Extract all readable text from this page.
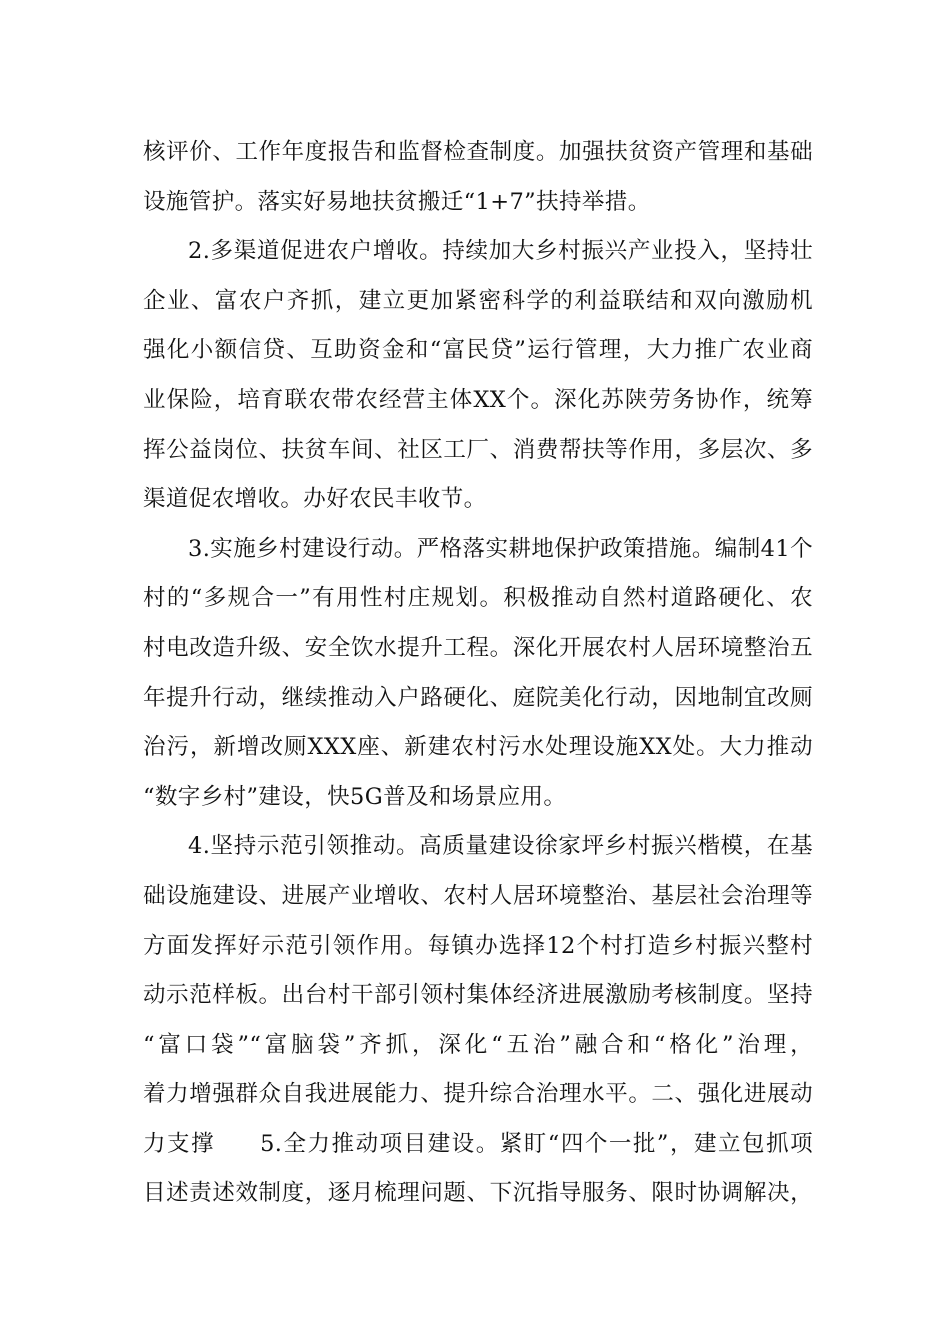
核评价、工作年度报告和监督检查制度。加强扶贫资产管理和基础
设施管护。落实好易地扶贫搬迁“1+7”扶持举措。
2.多渠道促进农户增收。持续加大乡村振兴产业投入，坚持壮
企业、富农户齐抓，建立更加紧密科学的利益联结和双向激励机
强化小额信贷、互助资金和“富民贷”运行管理，大力推广农业商
业保险，培育联农带农经营主体XX个。深化苏陕劳务协作，统筹
挥公益岗位、扶贫车间、社区工厂、消费帮扶等作用，多层次、多
渠道促农增收。办好农民丰收节。
3.实施乡村建设行动。严格落实耕地保护政策措施。编制41个
村的“多规合一”有用性村庄规划。积极推动自然村道路硬化、农
村电改造升级、安全饮水提升工程。深化开展农村人居环境整治五
年提升行动，继续推动入户路硬化、庭院美化行动，因地制宜改厕
治污，新增改厕XXX座、新建农村污水处理设施XX处。大力推动
“数字乡村”建设，快5G普及和场景应用。
4.坚持示范引领推动。高质量建设徐家坪乡村振兴楷模，在基
础设施建设、进展产业增收、农村人居环境整治、基层社会治理等
方面发挥好示范引领作用。每镇办选择12个村打造乡村振兴整村
动示范样板。出台村干部引领村集体经济进展激励考核制度。坚持
“富口袋”“富脑袋”齐抓，深化“五治”融合和“格化”治理，
着力增强群众自我进展能力、提升综合治理水平。二、强化进展动
力支撑 5.全力推动项目建设。紧盯“四个一批”，建立包抓项
目述责述效制度，逐月梳理问题、下沉指导服务、限时协调解决，
